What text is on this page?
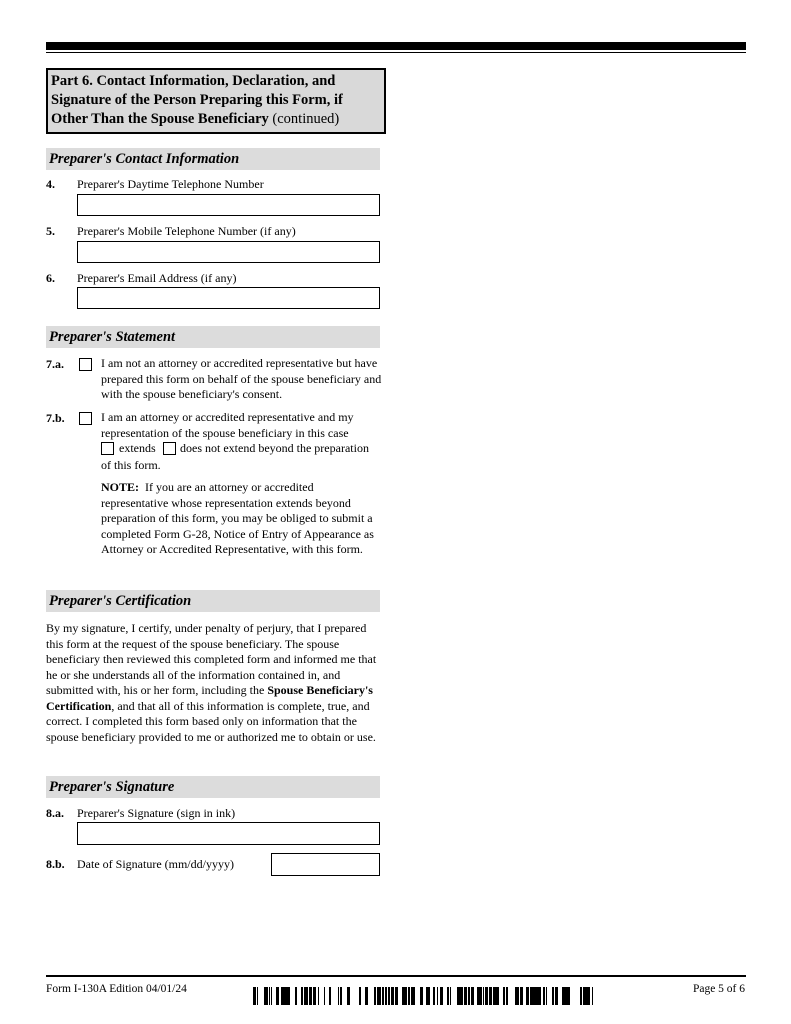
Part 6. Contact Information, Declaration, and Signature of the Person Preparing this Form, if Other Than the Spouse Beneficiary (continued)
Preparer's Contact Information
4. Preparer's Daytime Telephone Number
5. Preparer's Mobile Telephone Number (if any)
6. Preparer's Email Address (if any)
Preparer's Statement
7.a.	I am not an attorney or accredited representative but have prepared this form on behalf of the spouse beneficiary and with the spouse beneficiary's consent.
7.b.	I am an attorney or accredited representative and my representation of the spouse beneficiary in this case
extends does not extend beyond the preparation
of this form.
NOTE: If you are an attorney or accredited representative whose representation extends beyond preparation of this form, you may be obliged to submit a completed Form G-28, Notice of Entry of Appearance as Attorney or Accredited Representative, with this form.
Preparer's Certification
By my signature, I certify, under penalty of perjury, that I prepared this form at the request of the spouse beneficiary. The spouse beneficiary then reviewed this completed form and informed me that he or she understands all of the information contained in, and submitted with, his or her form, including the Spouse Beneficiary's Certification, and that all of this information is complete, true, and correct. I completed this form based only on information that the spouse beneficiary provided to me or authorized me to obtain or use.
Preparer's Signature
8.a. Preparer's Signature (sign in ink)
8.b. Date of Signature (mm/dd/yyyy)
Form I-130A Edition 04/01/24	Page 5 of 6
